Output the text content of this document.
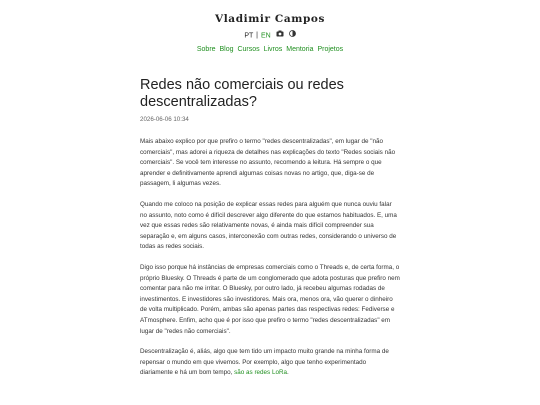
Vladimir Campos
PT | EN
Sobre Blog Cursos Livros Mentoria Projetos
Redes não comerciais ou redes descentralizadas?
2026-06-06 10:34

Mais abaixo explico por que prefiro o termo "redes descentralizadas", em lugar de "não comerciais", mas adorei a riqueza de detalhes nas explicações do texto "Redes sociais não comerciais". Se você tem interesse no assunto, recomendo a leitura. Há sempre o que aprender e definitivamente aprendi algumas coisas novas no artigo, que, diga-se de passagem, li algumas vezes.

Quando me coloco na posição de explicar essas redes para alguém que nunca ouviu falar no assunto, noto como é difícil descrever algo diferente do que estamos habituados. E, uma vez que essas redes são relativamente novas, é ainda mais difícil compreender sua separação e, em alguns casos, interconexão com outras redes, considerando o universo de todas as redes sociais.

Digo isso porque há instâncias de empresas comerciais como o Threads e, de certa forma, o próprio Bluesky. O Threads é parte de um conglomerado que adota posturas que prefiro nem comentar para não me irritar. O Bluesky, por outro lado, já recebeu algumas rodadas de investimentos. E investidores são investidores. Mais ora, menos ora, vão querer o dinheiro de volta multiplicado. Porém, ambas são apenas partes das respectivas redes: Fediverse e ATmosphere. Enfim, acho que é por isso que prefiro o termo "redes descentralizadas" em lugar de "redes não comerciais".

Descentralização é, aliás, algo que tem tido um impacto muito grande na minha forma de repensar o mundo em que vivemos. Por exemplo, algo que tenho experimentado diariamente e há um bom tempo, são as redes LoRa.
